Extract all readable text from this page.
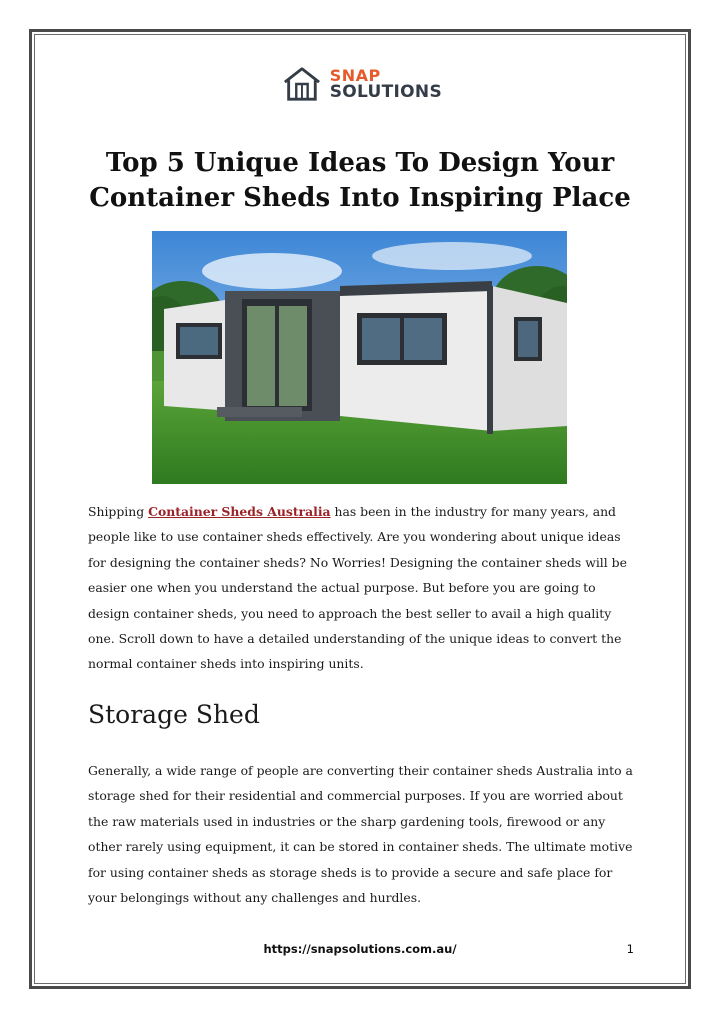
SNAP
SOLUTIONS
Top 5 Unique Ideas To Design Your Container Sheds Into Inspiring Place

Shipping Container Sheds Australia has been in the industry for many years, and people like to use container sheds effectively. Are you wondering about unique ideas for designing the container sheds? No Worries! Designing the container sheds will be easier one when you understand the actual purpose. But before you are going to design container sheds, you need to approach the best seller to avail a high quality one. Scroll down to have a detailed understanding of the unique ideas to convert the normal container sheds into inspiring units.

Storage Shed

Generally, a wide range of people are converting their container sheds Australia into a storage shed for their residential and commercial purposes. If you are worried about the raw materials used in industries or the sharp gardening tools, firewood or any other rarely using equipment, it can be stored in container sheds. The ultimate motive for using container sheds as storage sheds is to provide a secure and safe place for your belongings without any challenges and hurdles.

https://snapsolutions.com.au/	1
